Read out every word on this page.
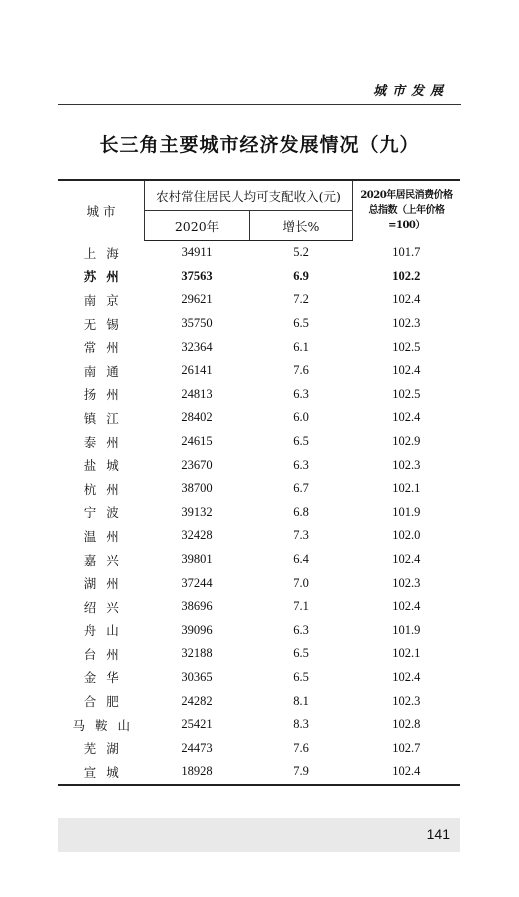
城市发展
长三角主要城市经济发展情况（九）
城 市	农村常住居民人均可支配收入(元)		2020年居民消费价格
总指数（上年价格=100）

	2020年	增长%	
上海	34911	5.2	101.7
苏州	37563	6.9	102.2
南京	29621	7.2	102.4
无锡	35750	6.5	102.3
常州	32364	6.1	102.5
南通	26141	7.6	102.4
扬州	24813	6.3	102.5
镇江	28402	6.0	102.4
泰州	24615	6.5	102.9
盐城	23670	6.3	102.3
杭州	38700	6.7	102.1
宁波	39132	6.8	101.9
温州	32428	7.3	102.0
嘉兴	39801	6.4	102.4
湖州	37244	7.0	102.3
绍兴	38696	7.1	102.4
舟山	39096	6.3	101.9
台州	32188	6.5	102.1
金华	30365	6.5	102.4
合肥	24282	8.1	102.3
马鞍山	25421	8.3	102.8
芜湖	24473	7.6	102.7
宣城	18928	7.9	102.4
141
